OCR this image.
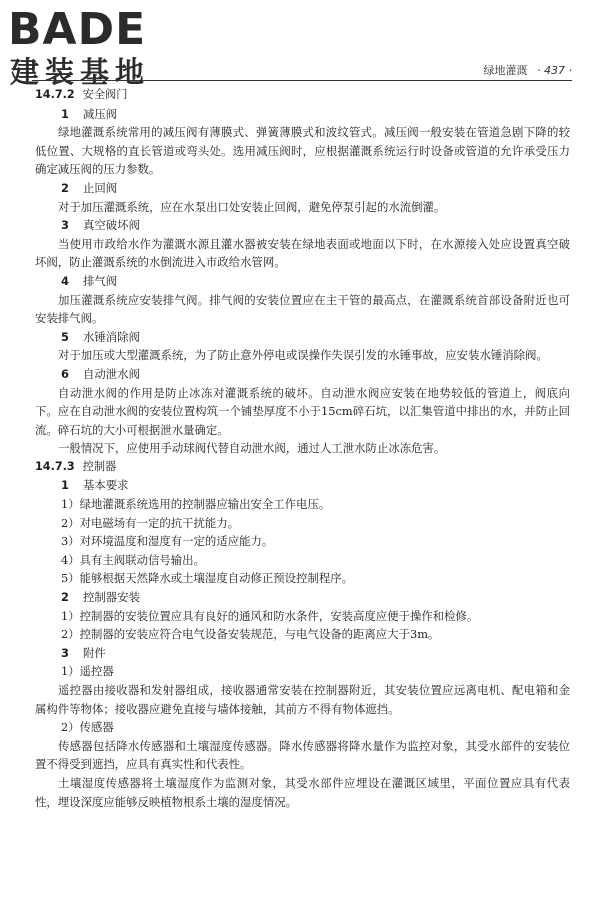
BADE
建装基地	绿地灌溉 · 437 ·

14.7.2 安全阀门

1 减压阀

绿地灌溉系统常用的减压阀有薄膜式、弹簧薄膜式和波纹管式。减压阀一般安装在管道急剧下降的较低位置、大规格的直长管道或弯头处。选用减压阀时，应根据灌溉系统运行时设备或管道的允许承受压力确定减压阀的压力参数。

2 止回阀

对于加压灌溉系统，应在水泵出口处安装止回阀，避免停泵引起的水流倒灌。

3 真空破坏阀

当使用市政给水作为灌溉水源且灌水器被安装在绿地表面或地面以下时，在水源接入处应设置真空破坏阀，防止灌溉系统的水倒流进入市政给水管网。

4 排气阀

加压灌溉系统应安装排气阀。排气阀的安装位置应在主干管的最高点，在灌溉系统首部设备附近也可安装排气阀。

5 水锤消除阀

对于加压或大型灌溉系统，为了防止意外停电或误操作失误引发的水锤事故，应安装水锤消除阀。

6 自动泄水阀

自动泄水阀的作用是防止冰冻对灌溉系统的破坏。自动泄水阀应安装在地势较低的管道上，阀底向下。应在自动泄水阀的安装位置构筑一个铺垫厚度不小于15cm碎石坑，以汇集管道中排出的水，并防止回流。碎石坑的大小可根据泄水量确定。

一般情况下，应使用手动球阀代替自动泄水阀，通过人工泄水防止冰冻危害。

14.7.3 控制器

1 基本要求

1）绿地灌溉系统选用的控制器应输出安全工作电压。

2）对电磁场有一定的抗干扰能力。

3）对环境温度和湿度有一定的适应能力。

4）具有主阀联动信号输出。

5）能够根据天然降水或土壤湿度自动修正预设控制程序。

2 控制器安装

1）控制器的安装位置应具有良好的通风和防水条件，安装高度应便于操作和检修。

2）控制器的安装应符合电气设备安装规范，与电气设备的距离应大于3m。

3 附件

1）遥控器

遥控器由接收器和发射器组成，接收器通常安装在控制器附近，其安装位置应远离电机、配电箱和金属构件等物体；接收器应避免直接与墙体接触，其前方不得有物体遮挡。

2）传感器

传感器包括降水传感器和土壤湿度传感器。降水传感器将降水量作为监控对象，其受水部件的安装位置不得受到遮挡，应具有真实性和代表性。

土壤湿度传感器将土壤湿度作为监测对象，其受水部件应埋设在灌溉区域里，平面位置应具有代表性，埋设深度应能够反映植物根系土壤的湿度情况。
